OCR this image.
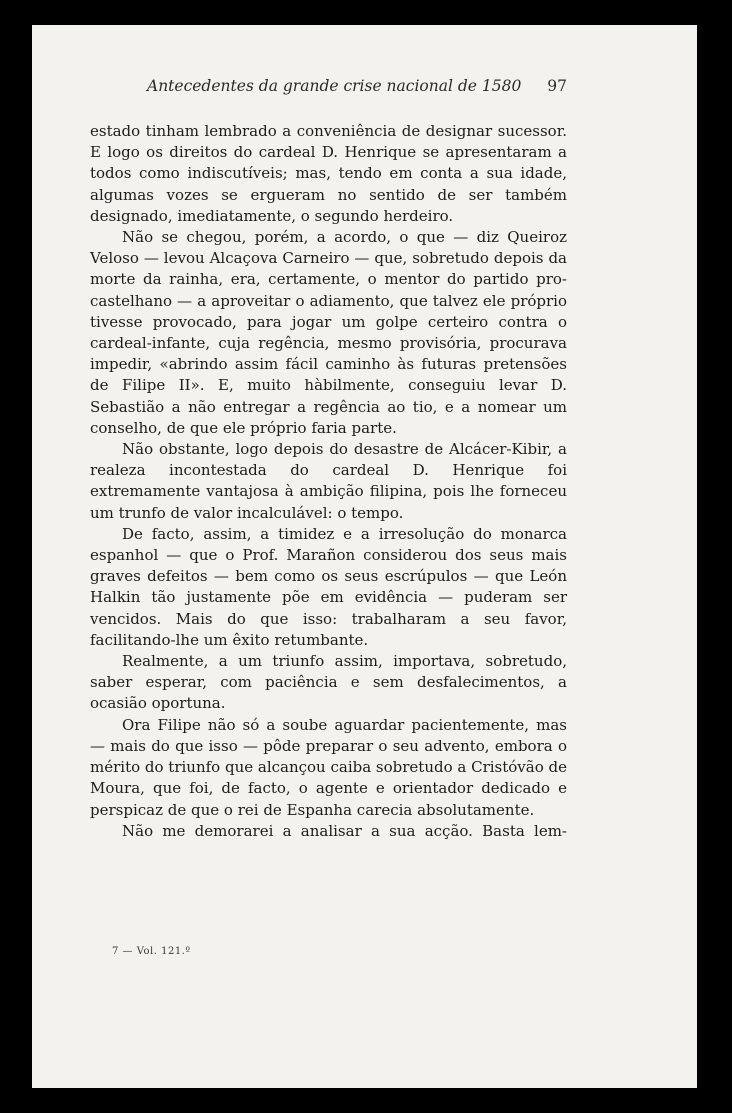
Antecedentes da grande crise nacional de 1580 97

estado tinham lembrado a conveniência de designar sucessor. E logo os direitos do cardeal D. Henrique se apresentaram a todos como indiscutíveis; mas, tendo em conta a sua idade, algumas vozes se ergueram no sentido de ser também designado, imediatamente, o segundo herdeiro.

Não se chegou, porém, a acordo, o que — diz Queiroz Veloso — levou Alcaçova Carneiro — que, sobretudo depois da morte da rainha, era, certamente, o mentor do partido pro-castelhano — a aproveitar o adiamento, que talvez ele próprio tivesse provocado, para jogar um golpe certeiro contra o cardeal-infante, cuja regência, mesmo provisória, procurava impedir, «abrindo assim fácil caminho às futuras pretensões de Filipe II». E, muito hàbilmente, conseguiu levar D. Sebastião a não entregar a regência ao tio, e a nomear um conselho, de que ele próprio faria parte.

Não obstante, logo depois do desastre de Alcácer-Kibir, a realeza incontestada do cardeal D. Henrique foi extremamente vantajosa à ambição filipina, pois lhe forneceu um trunfo de valor incalculável: o tempo.

De facto, assim, a timidez e a irresolução do monarca espanhol — que o Prof. Marañon considerou dos seus mais graves defeitos — bem como os seus escrúpulos — que León Halkin tão justamente põe em evidência — puderam ser vencidos. Mais do que isso: trabalharam a seu favor, facilitando-lhe um êxito retumbante.

Realmente, a um triunfo assim, importava, sobretudo, saber esperar, com paciência e sem desfalecimentos, a ocasião oportuna.

Ora Filipe não só a soube aguardar pacientemente, mas — mais do que isso — pôde preparar o seu advento, embora o mérito do triunfo que alcançou caiba sobretudo a Cristóvão de Moura, que foi, de facto, o agente e orientador dedicado e perspicaz de que o rei de Espanha carecia absolutamente.

Não me demorarei a analisar a sua acção. Basta lem-

7 — Vol. 121.º
